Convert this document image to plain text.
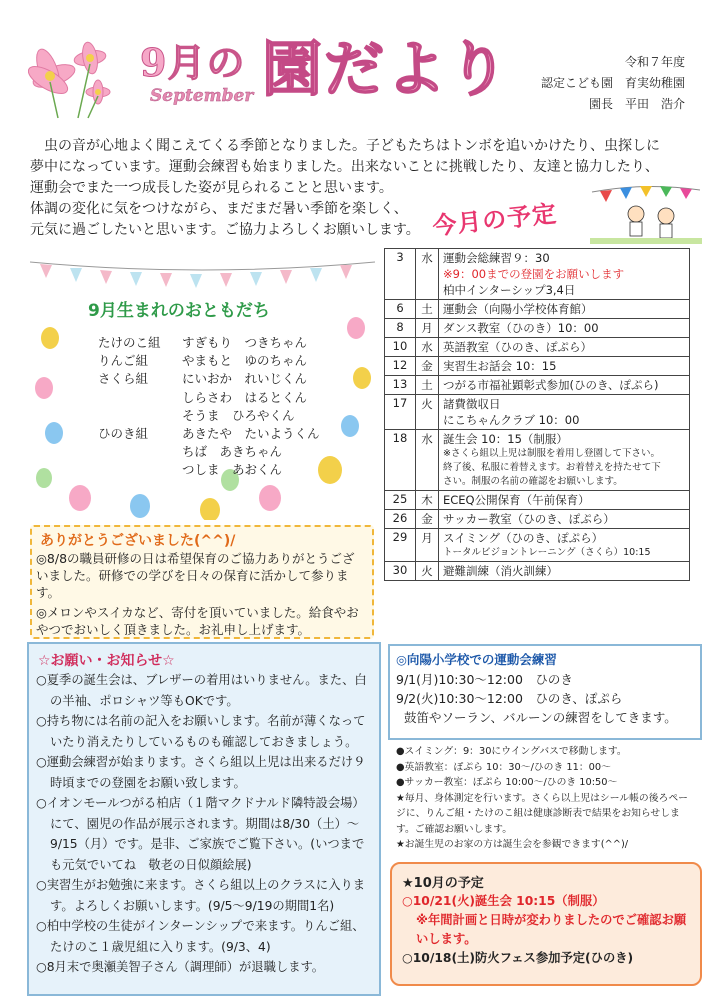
9月の
September 園だより	令和７年度
認定こども園　育実幼稚園
園長　平田　浩介

　虫の音が心地よく聞こえてくる季節となりました。子どもたちはトンボを追いかけたり、虫探しに

夢中になっています。運動会練習も始まりました。出来ないことに挑戦したり、友達と協力したり、

運動会でまた一つ成長した姿が見られることと思います。

体調の変化に気をつけながら、まだまだ暑い季節を楽しく、

元気に過ごしたいと思います。ご協力よろしくお願いします。 今月の予定
9月生まれのおともだち
たけのこ組	すぎもり　つきちゃん
りんご組	やまもと　ゆのちゃん
さくら組	にいおか　れいじくん
しらさわ　はるとくん
そうま　ひろやくん
ひのき組	あきたや　たいようくん
ちば　あきちゃん
つしま　あおくん
3	水	運動会総練習９：30
※9：00までの登園をお願いします
柏中インターシップ3,4日

6	土	運動会（向陽小学校体育館）

8	月	ダンス教室（ひのき）10：00

10	水	英語教室（ひのき、ぽぷら）

12	金	実習生お話会 10：15

13	土	つがる市福祉顕彰式参加(ひのき、ぽぷら)

17	火	諸費徴収日
にこちゃんクラブ 10：00

18	水	誕生会 10：15（制服）
※さくら組以上児は制服を着用し登園して下さい。
終了後、私服に着替えます。お着替えを持たせて下
さい。制服の名前の確認をお願いします。

25	木	ECEQ公開保育（午前保育）

26	金	サッカー教室（ひのき、ぽぷら）

29	月	スイミング（ひのき、ぽぷら）
トータルビジョントレーニング（さくら）10:15

30	火	避難訓練（消火訓練）
ありがとうございました(^^)/

◎8/8の職員研修の日は希望保育のご協力ありがとうございました。研修での学びを日々の保育に活かして参ります。

◎メロンやスイカなど、寄付を頂いていました。給食やおやつでおいしく頂きました。お礼申し上げます。

☆お願い・お知らせ☆

○夏季の誕生会は、ブレザーの着用はいりません。また、白の半袖、ポロシャツ等もOKです。

○持ち物には名前の記入をお願いします。名前が薄くなっていたり消えたりしているものも確認しておきましょう。

○運動会練習が始まります。さくら組以上児は出来るだけ９時頃までの登園をお願い致します。

○イオンモールつがる柏店（１階マクドナルド隣特設会場）にて、園児の作品が展示されます。期間は8/30（土）～9/15（月）です。是非、ご家族でご覧下さい。(いつまでも元気でいてね　敬老の日似顔絵展)

○実習生がお勉強に来ます。さくら組以上のクラスに入ります。よろしくお願いします。(9/5～9/19の期間1名)

○柏中学校の生徒がインターンシップで来ます。りんご組、たけのこ１歳児組に入ります。(9/3、4)

○8月末で奥瀬美智子さん（調理師）が退職します。

◎向陽小学校での運動会練習
9/1(月)10:30～12:00　ひのき
9/2(火)10:30～12:00　ひのき、ぽぷら
鼓笛やソーラン、バルーンの練習をしてきます。

●スイミング：9：30にウイングバスで移動します。

●英語教室：ぽぷら 10：30～/ひのき 11：00～

●サッカー教室：ぽぷら 10:00～/ひのき 10:50～

★毎月、身体測定を行います。さくら以上児はシール帳の後ろページに、りんご組・たけのこ組は健康診断表で結果をお知らせします。ご確認お願いします。

★お誕生児のお家の方は誕生会を参観できます(^^)/

★10月の予定

○10/21(火)誕生会 10:15（制服）

※年間計画と日時が変わりましたのでご確認お願いします。

○10/18(土)防火フェス参加予定(ひのき)
